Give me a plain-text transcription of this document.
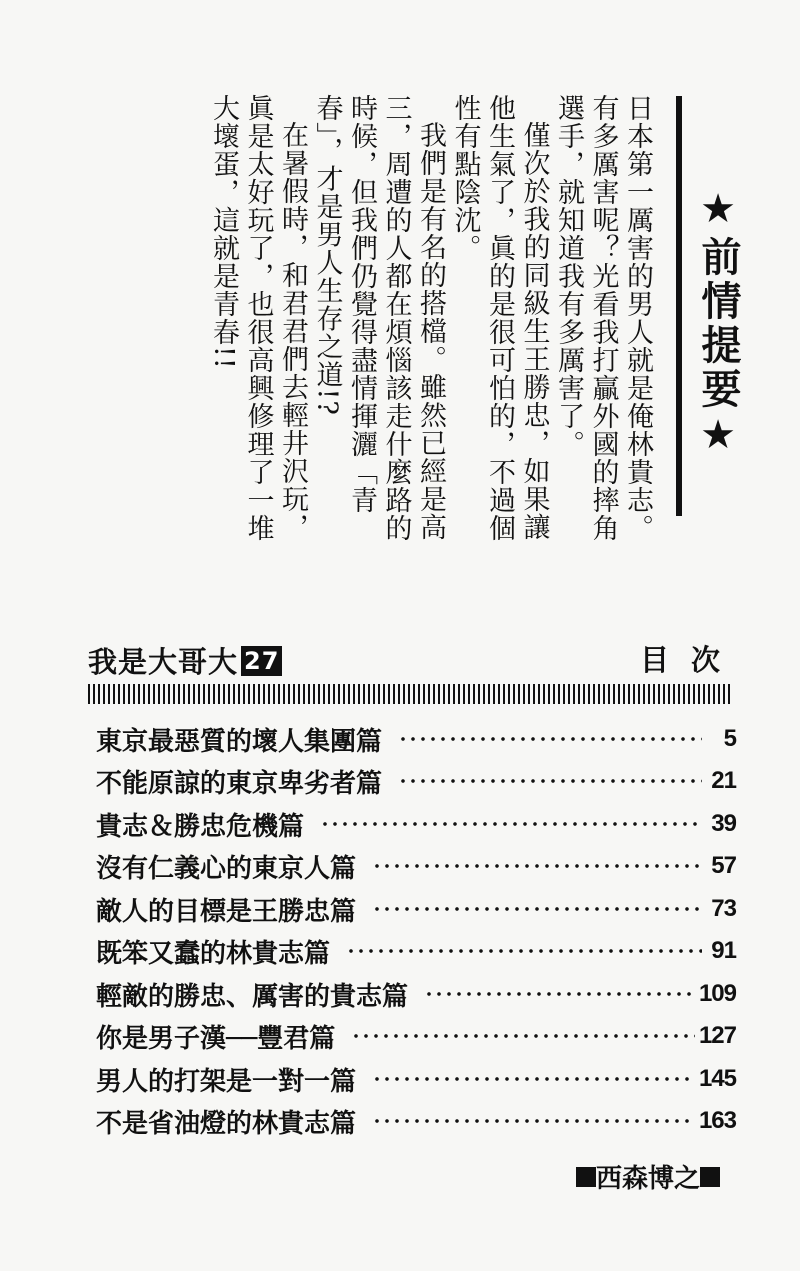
日本第一厲害的男人就是俺林貴志。有多厲害呢？光看我打贏外國的摔角選手，就知道我有多厲害了。

僅次於我的同級生王勝忠，如果讓他生氣了，眞的是很可怕的，不過個性有點陰沈。

我們是有名的搭檔。雖然已經是高三，周遭的人都在煩惱該走什麼路的時候，但我們仍覺得盡情揮灑「青春」，才是男人生存之道!?

在暑假時，和君君們去輕井沢玩，眞是太好玩了，也很高興修理了一堆大壞蛋，這就是青春!!	★前情提要★
我是大哥大 27	目次
東京最惡質的壞人集團篇	5
不能原諒的東京卑劣者篇	21
貴志＆勝忠危機篇	39
沒有仁義心的東京人篇	57
敵人的目標是王勝忠篇	73
既笨又蠢的林貴志篇	91
輕敵的勝忠、厲害的貴志篇	109
你是男子漢──豐君篇	127
男人的打架是一對一篇	145
不是省油燈的林貴志篇	163
西森博之
